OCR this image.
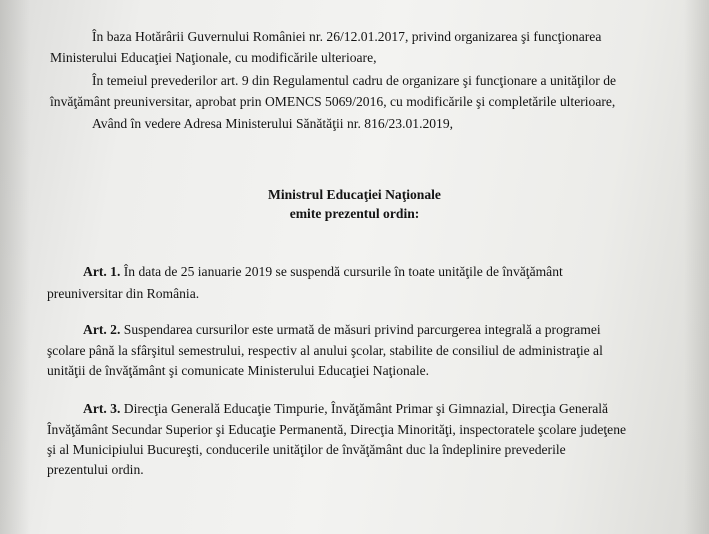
În baza Hotărârii Guvernului României nr. 26/12.01.2017, privind organizarea şi funcţionarea
Ministerului Educaţiei Naţionale, cu modificările ulterioare,
În temeiul prevederilor art. 9 din Regulamentul cadru de organizare şi funcţionare a unităţilor de
învăţământ preuniversitar, aprobat prin OMENCS 5069/2016, cu modificările şi completările ulterioare,
Având în vedere Adresa Ministerului Sănătăţii nr. 816/23.01.2019,
Ministrul Educaţiei Naţionale
emite prezentul ordin:
Art. 1. În data de 25 ianuarie 2019 se suspendă cursurile în toate unităţile de învăţământ
preuniversitar din România.
Art. 2. Suspendarea cursurilor este urmată de măsuri privind parcurgerea integrală a programei
şcolare până la sfârşitul semestrului, respectiv al anului şcolar, stabilite de consiliul de administraţie al
unităţii de învăţământ şi comunicate Ministerului Educaţiei Naţionale.
Art. 3. Direcţia Generală Educaţie Timpurie, Învăţământ Primar şi Gimnazial, Direcţia Generală
Învăţământ Secundar Superior şi Educaţie Permanentă, Direcţia Minorităţi, inspectoratele şcolare judeţene
şi al Municipiului Bucureşti, conducerile unităţilor de învăţământ duc la îndeplinire prevederile
prezentului ordin.
